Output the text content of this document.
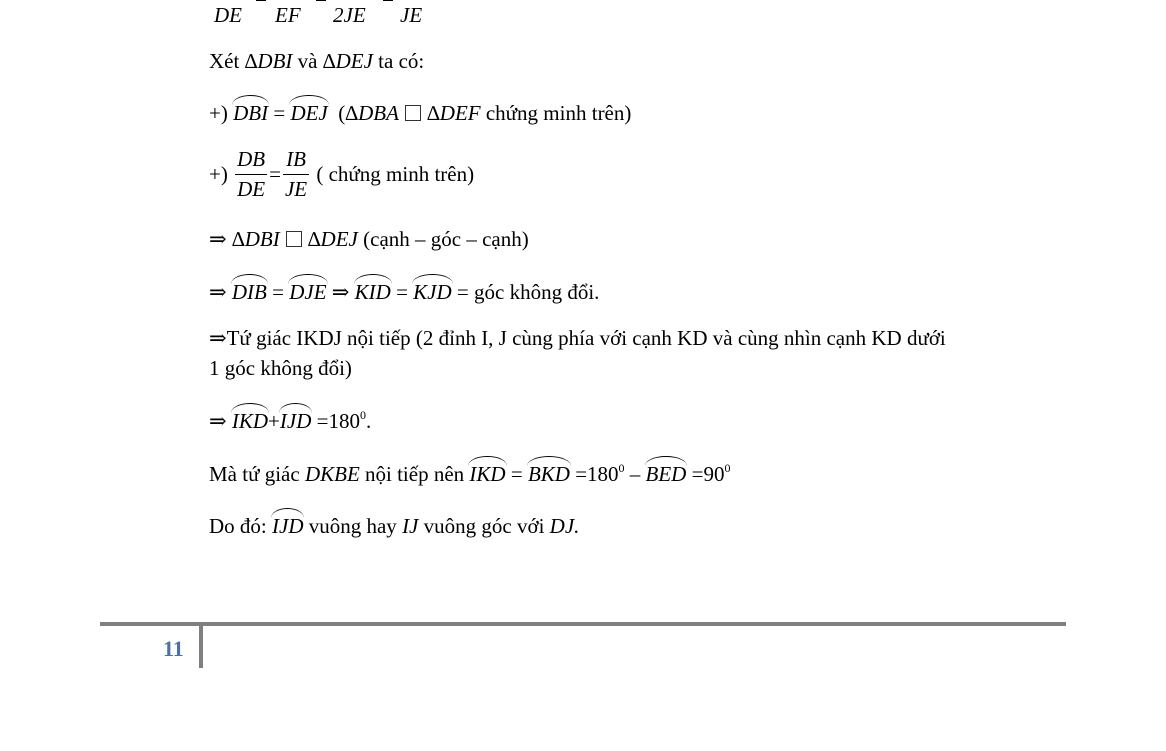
DE EF 2JE JE
Xét ∆DBI và ∆DEJ ta có:
+) DBI = DEJ (∆DBA ∆DEF chứng minh trên)
+) $\frac{DB}{DE} = \frac{IB}{JE}$ ( chứng minh trên)
⇒ ∆DBI ∆DEJ (cạnh – góc – cạnh)
⇒ DIB = DJE ⇒ KID = KJD = góc không đổi.
⇒Tứ giác IKDJ nội tiếp (2 đỉnh I, J cùng phía với cạnh KD và cùng nhìn cạnh KD dưới
1 góc không đổi)
⇒ $IKD+IJD =180^0$.
Mà tứ giác DKBE nội tiếp nên IKD = BKD $=180^0$ – BED $=90^0$
Do đó: IJD vuông hay IJ vuông góc với DJ.
11
